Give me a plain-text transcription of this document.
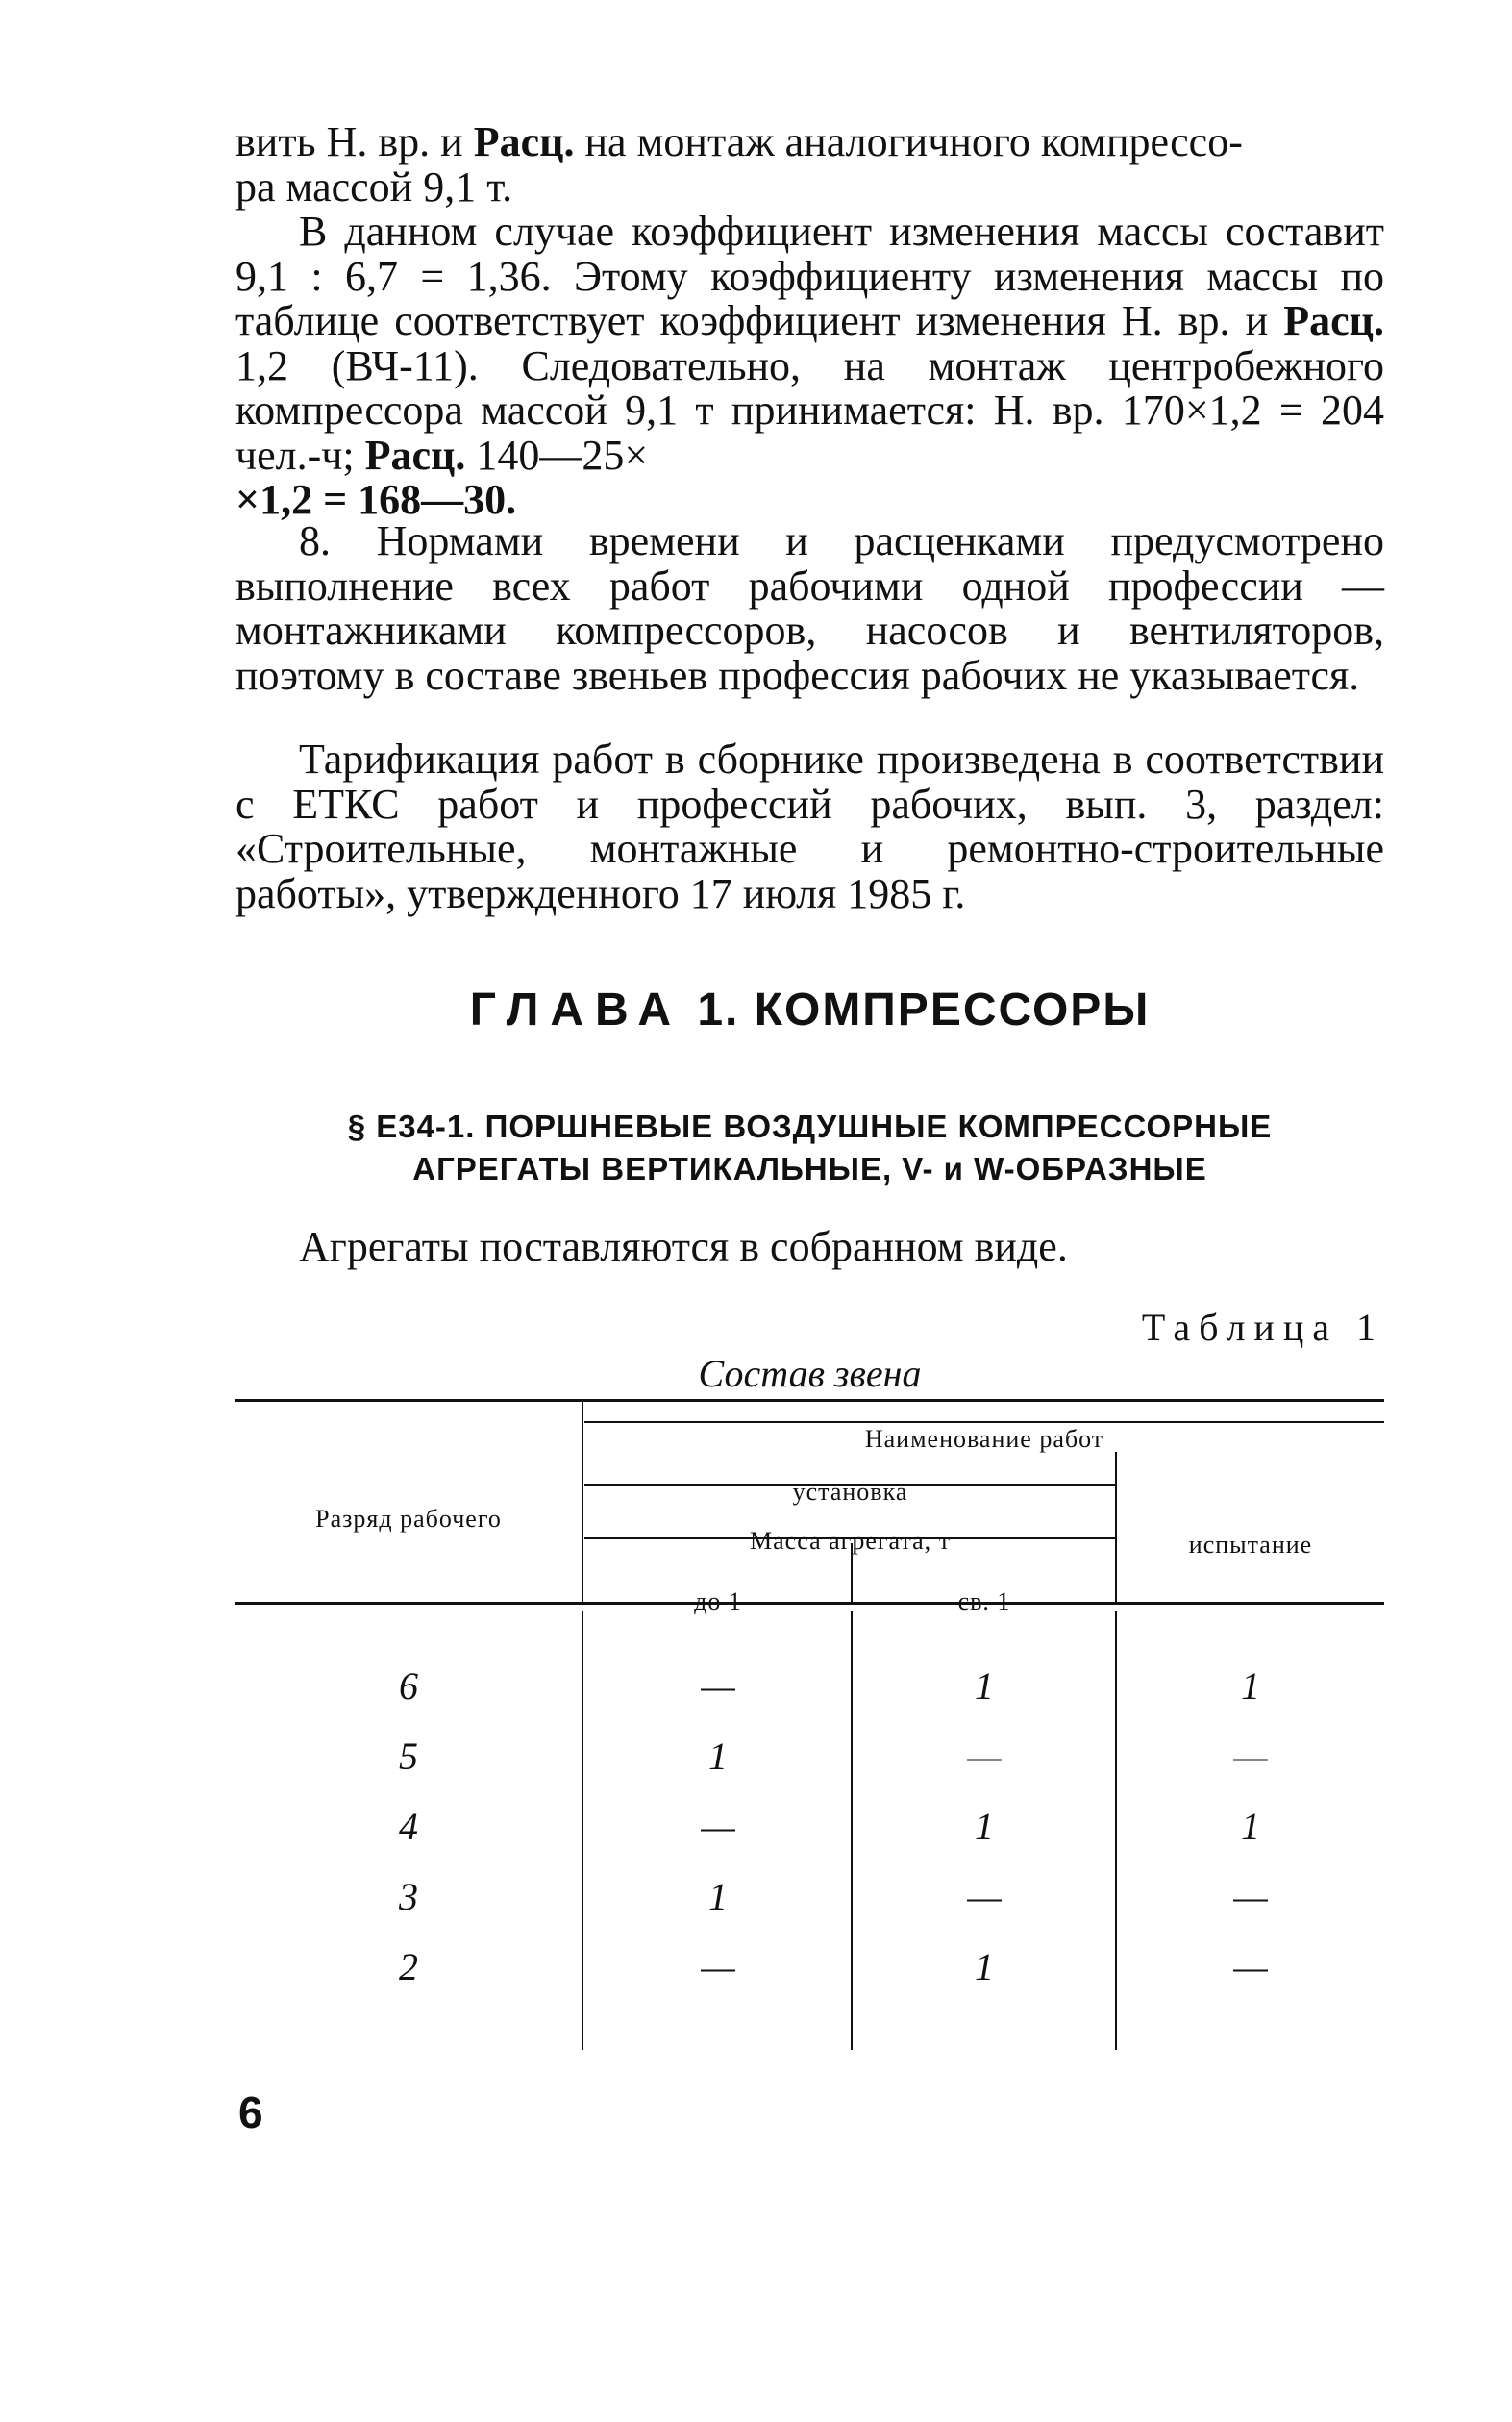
вить Н. вр. и Расц. на монтаж аналогичного компрессо-

ра массой 9,1 т.

В данном случае коэффициент изменения массы составит 9,1 : 6,7 = 1,36. Этому коэффициенту изменения массы по таблице соответствует коэффициент изменения Н. вр. и Расц. 1,2 (ВЧ-11). Следовательно, на монтаж центробежного компрессора массой 9,1 т принимается: Н. вр. 170×1,2 = 204 чел.-ч; Расц. 140—25×
×1,2 = 168—30.

8. Нормами времени и расценками предусмотрено выполнение всех работ рабочими одной профессии — монтажниками компрессоров, насосов и вентиляторов, поэтому в составе звеньев профессия рабочих не указывается.

Тарификация работ в сборнике произведена в соответствии с ЕТКС работ и профессий рабочих, вып. 3, раздел: «Строительные, монтажные и ремонтно-строительные работы», утвержденного 17 июля 1985 г.

ГЛАВА 1. КОМПРЕССОРЫ
§ Е34-1. ПОРШНЕВЫЕ ВОЗДУШНЫЕ КОМПРЕССОРНЫЕ
АГРЕГАТЫ ВЕРТИКАЛЬНЫЕ, V- и W-ОБРАЗНЫЕ
Агрегаты поставляются в собранном виде.
Таблица 1
Состав звена
Разряд рабочего
Наименование работ
установка
Масса агрегата, т
до 1	св. 1
испытание
6	—	1	1
5	1	—	—
4	—	1	1
3	1	—	—
2	—	1	—
6
